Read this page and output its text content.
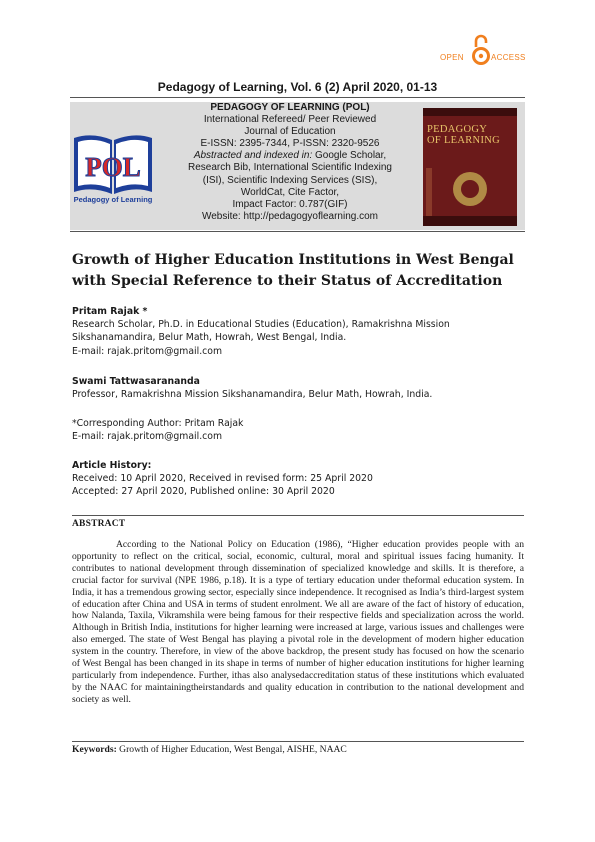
OPEN	ACCESS
Pedagogy of Learning, Vol. 6 (2) April 2020, 01-13
POL
Pedagogy of Learning
PEDAGOGY OF LEARNING (POL)
International Refereed/ Peer Reviewed
Journal of Education
E-ISSN: 2395-7344, P-ISSN: 2320-9526
Abstracted and indexed in: Google Scholar,
Research Bib, International Scientific Indexing
(ISI), Scientific Indexing Services (SIS),
WorldCat, Cite Factor,
Impact Factor: 0.787(GIF)
Website: http://pedagogyoflearning.com
PEDAGOGY
OF LEARNING
Growth of Higher Education Institutions in West Bengal
with Special Reference to their Status of Accreditation
Pritam Rajak *
Research Scholar, Ph.D. in Educational Studies (Education), Ramakrishna Mission
Sikshanamandira, Belur Math, Howrah, West Bengal, India.
E-mail: rajak.pritom@gmail.com
Swami Tattwasarananda
Professor, Ramakrishna Mission Sikshanamandira, Belur Math, Howrah, India.
*Corresponding Author: Pritam Rajak
E-mail: rajak.pritom@gmail.com
Article History:
Received: 10 April 2020, Received in revised form: 25 April 2020
Accepted: 27 April 2020, Published online: 30 April 2020
ABSTRACT
According to the National Policy on Education (1986), “Higher education provides people with an opportunity to reflect on the critical, social, economic, cultural, moral and spiritual issues facing humanity. It contributes to national development through dissemination of specialized knowledge and skills. It is therefore, a crucial factor for survival (NPE 1986, p.18). It is a type of tertiary education under theformal education system. In India, it has a tremendous growing sector, especially since independence. It recognised as India’s third-largest system of education after China and USA in terms of student enrolment. We all are aware of the fact of history of education, how Nalanda, Taxila, Vikramshila were being famous for their respective fields and specialization across the world. Although in British India, institutions for higher learning were increased at large, various issues and challenges were also emerged. The state of West Bengal has playing a pivotal role in the development of modern higher education system in the country. Therefore, in view of the above backdrop, the present study has focused on how the scenario of West Bengal has been changed in its shape in terms of number of higher education institutions for higher learning particularly from independence. Further, ithas also analysedaccreditation status of these institutions which evaluated by the NAAC for maintainingtheirstandards and quality education in contribution to the national development and society as well.
Keywords: Growth of Higher Education, West Bengal, AISHE, NAAC
